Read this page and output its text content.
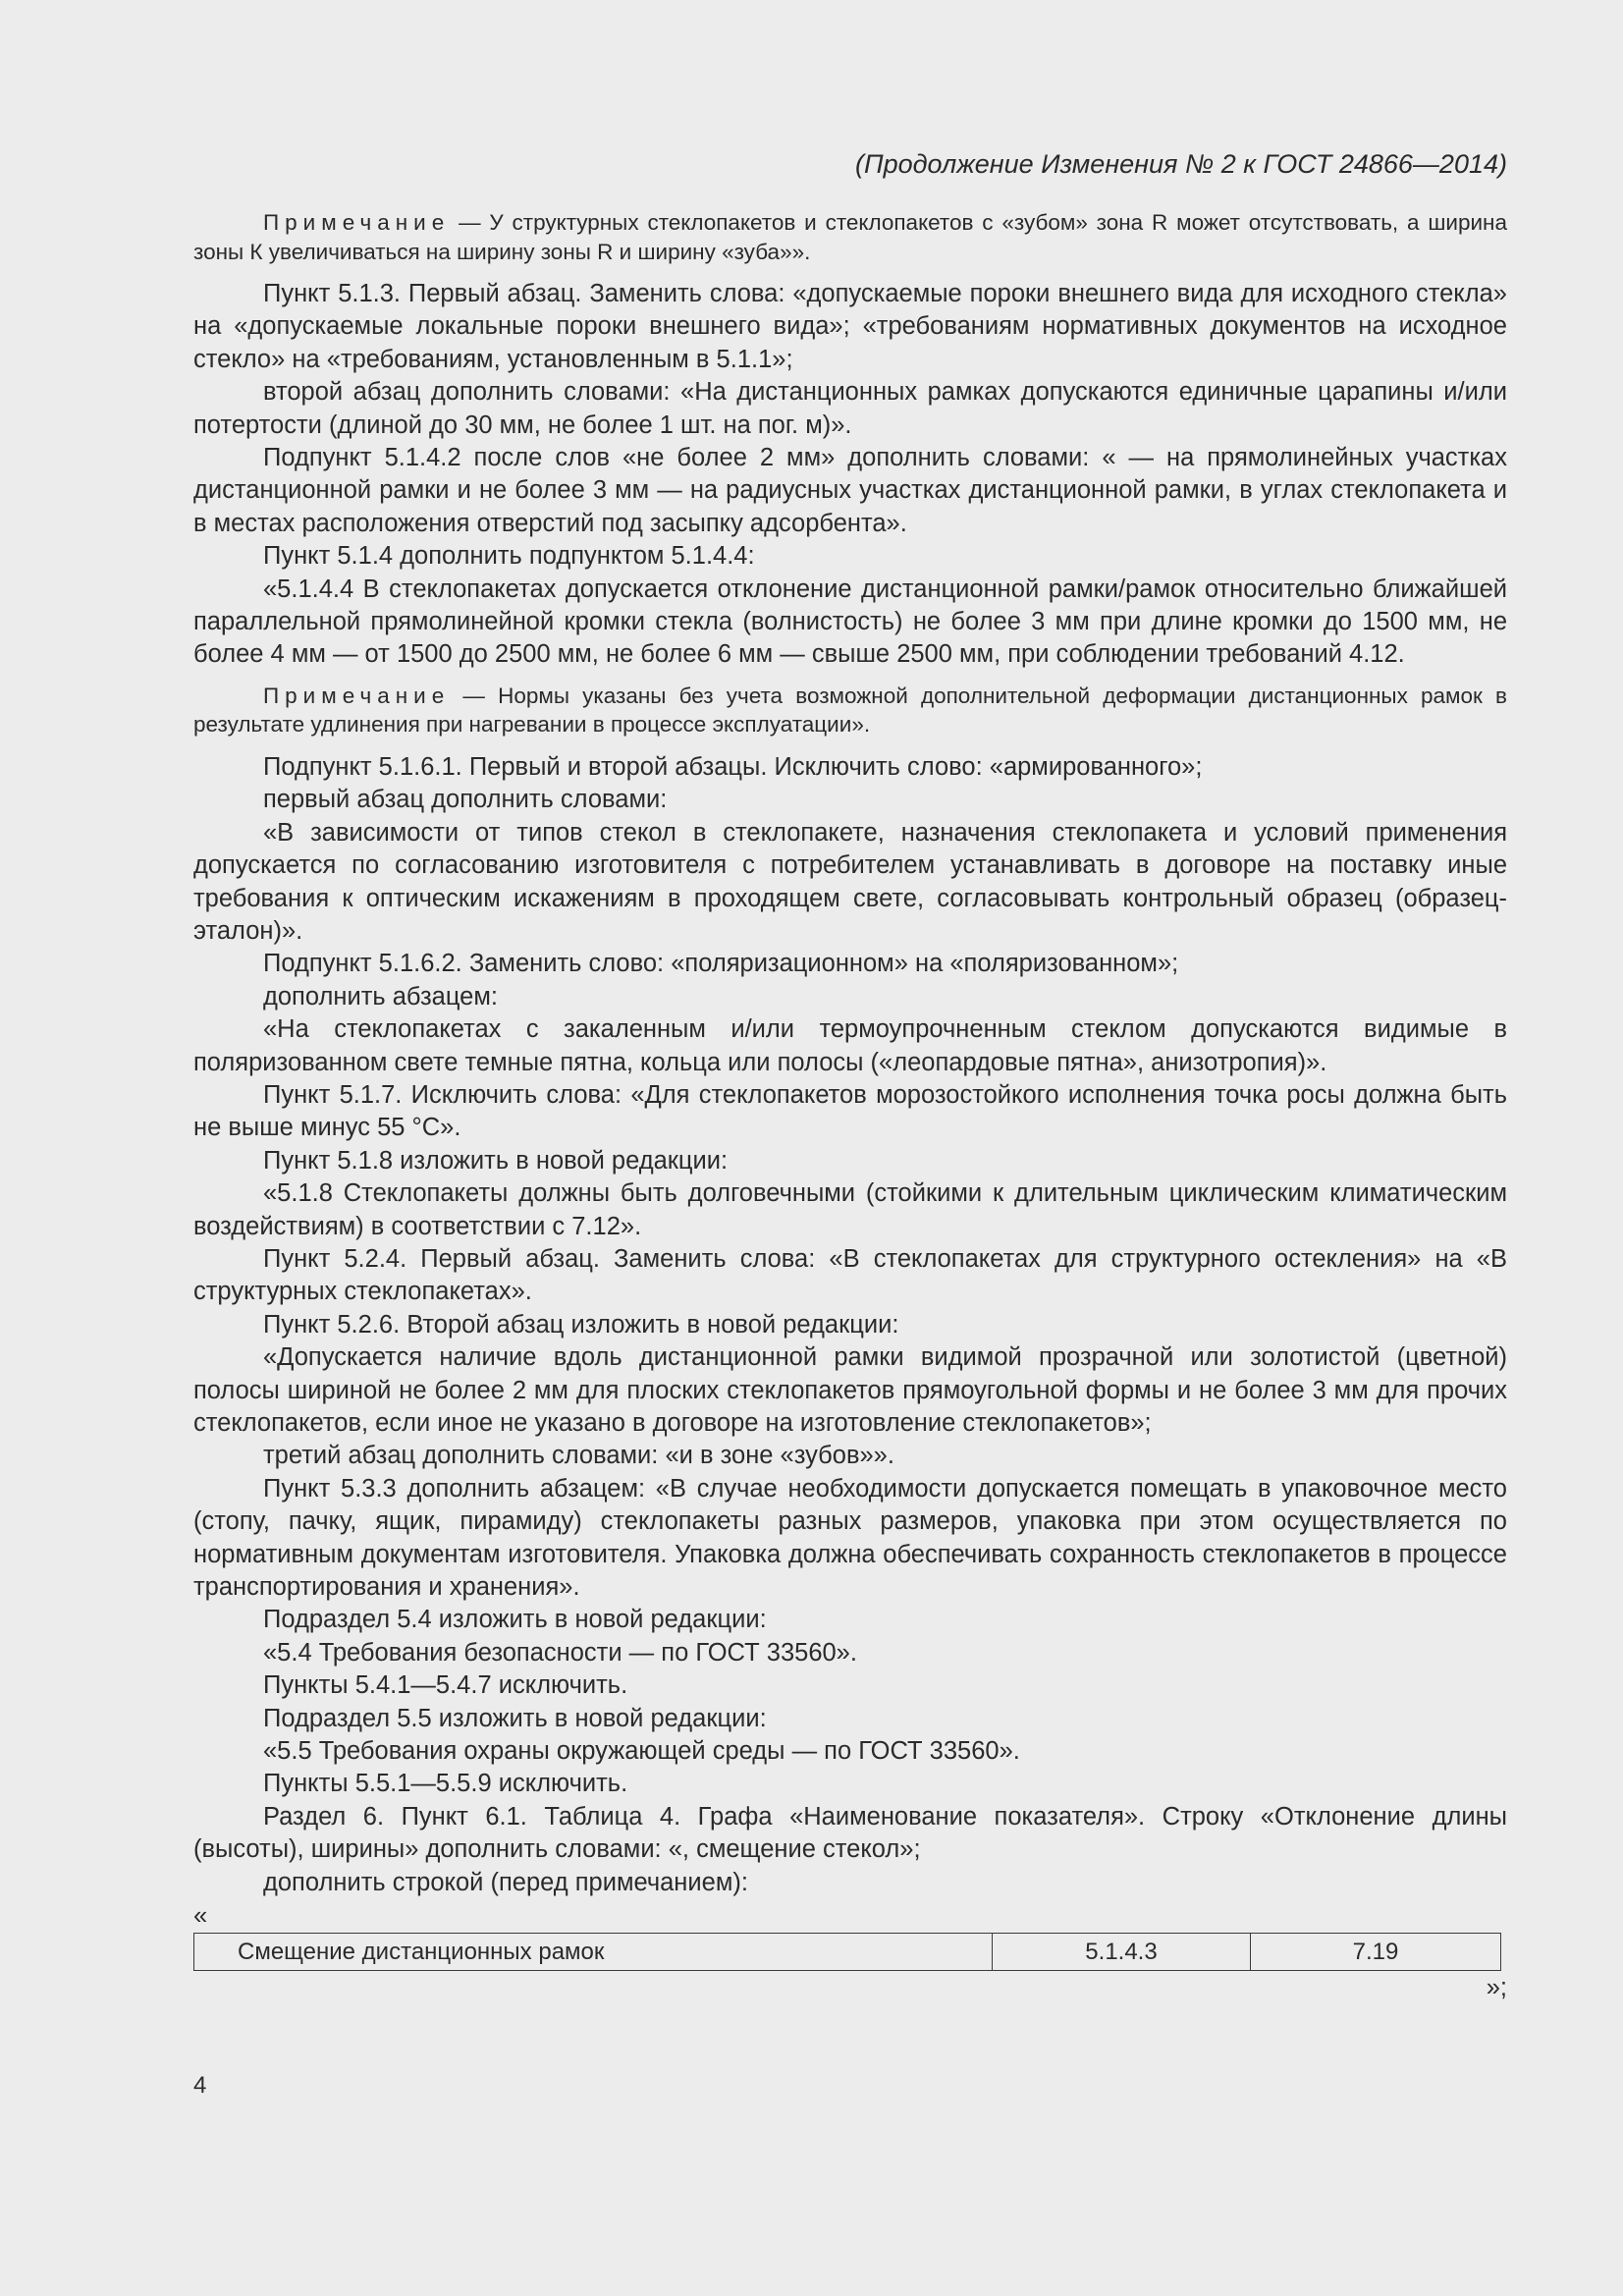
(Продолжение Изменения № 2 к ГОСТ 24866—2014)

Примечание — У структурных стеклопакетов и стеклопакетов с «зубом» зона R может отсутствовать, а ширина зоны К увеличиваться на ширину зоны R и ширину «зуба»».

Пункт 5.1.3. Первый абзац. Заменить слова: «допускаемые пороки внешнего вида для исходного стекла» на «допускаемые локальные пороки внешнего вида»; «требованиям нормативных документов на исходное стекло» на «требованиям, установленным в 5.1.1»;

второй абзац дополнить словами: «На дистанционных рамках допускаются единичные царапины и/или потертости (длиной до 30 мм, не более 1 шт. на пог. м)».

Подпункт 5.1.4.2 после слов «не более 2 мм» дополнить словами: « — на прямолинейных участках дистанционной рамки и не более 3 мм — на радиусных участках дистанционной рамки, в углах стеклопакета и в местах расположения отверстий под засыпку адсорбента».

Пункт 5.1.4 дополнить подпунктом 5.1.4.4:

«5.1.4.4 В стеклопакетах допускается отклонение дистанционной рамки/рамок относительно ближайшей параллельной прямолинейной кромки стекла (волнистость) не более 3 мм при длине кромки до 1500 мм, не более 4 мм — от 1500 до 2500 мм, не более 6 мм — свыше 2500 мм, при соблюдении требований 4.12.

Примечание — Нормы указаны без учета возможной дополнительной деформации дистанционных рамок в результате удлинения при нагревании в процессе эксплуатации».

Подпункт 5.1.6.1. Первый и второй абзацы. Исключить слово: «армированного»;

первый абзац дополнить словами:

«В зависимости от типов стекол в стеклопакете, назначения стеклопакета и условий применения допускается по согласованию изготовителя с потребителем устанавливать в договоре на поставку иные требования к оптическим искажениям в проходящем свете, согласовывать контрольный образец (образец-эталон)».

Подпункт 5.1.6.2. Заменить слово: «поляризационном» на «поляризованном»;

дополнить абзацем:

«На стеклопакетах с закаленным и/или термоупрочненным стеклом допускаются видимые в поляризованном свете темные пятна, кольца или полосы («леопардовые пятна», анизотропия)».

Пункт 5.1.7. Исключить слова: «Для стеклопакетов морозостойкого исполнения точка росы должна быть не выше минус 55 °С».

Пункт 5.1.8 изложить в новой редакции:

«5.1.8 Стеклопакеты должны быть долговечными (стойкими к длительным циклическим климатическим воздействиям) в соответствии с 7.12».

Пункт 5.2.4. Первый абзац. Заменить слова: «В стеклопакетах для структурного остекления» на «В структурных стеклопакетах».

Пункт 5.2.6. Второй абзац изложить в новой редакции:

«Допускается наличие вдоль дистанционной рамки видимой прозрачной или золотистой (цветной) полосы шириной не более 2 мм для плоских стеклопакетов прямоугольной формы и не более 3 мм для прочих стеклопакетов, если иное не указано в договоре на изготовление стеклопакетов»;

третий абзац дополнить словами: «и в зоне «зубов»».

Пункт 5.3.3 дополнить абзацем: «В случае необходимости допускается помещать в упаковочное место (стопу, пачку, ящик, пирамиду) стеклопакеты разных размеров, упаковка при этом осуществляется по нормативным документам изготовителя. Упаковка должна обеспечивать сохранность стеклопакетов в процессе транспортирования и хранения».

Подраздел 5.4 изложить в новой редакции:

«5.4 Требования безопасности — по ГОСТ 33560».

Пункты 5.4.1—5.4.7 исключить.

Подраздел 5.5 изложить в новой редакции:

«5.5 Требования охраны окружающей среды — по ГОСТ 33560».

Пункты 5.5.1—5.5.9 исключить.

Раздел 6. Пункт 6.1. Таблица 4. Графа «Наименование показателя». Строку «Отклонение длины (высоты), ширины» дополнить словами: «, смещение стекол»;

дополнить строкой (перед примечанием):

«
Смещение дистанционных рамок	5.1.4.3	7.19
»;
4
